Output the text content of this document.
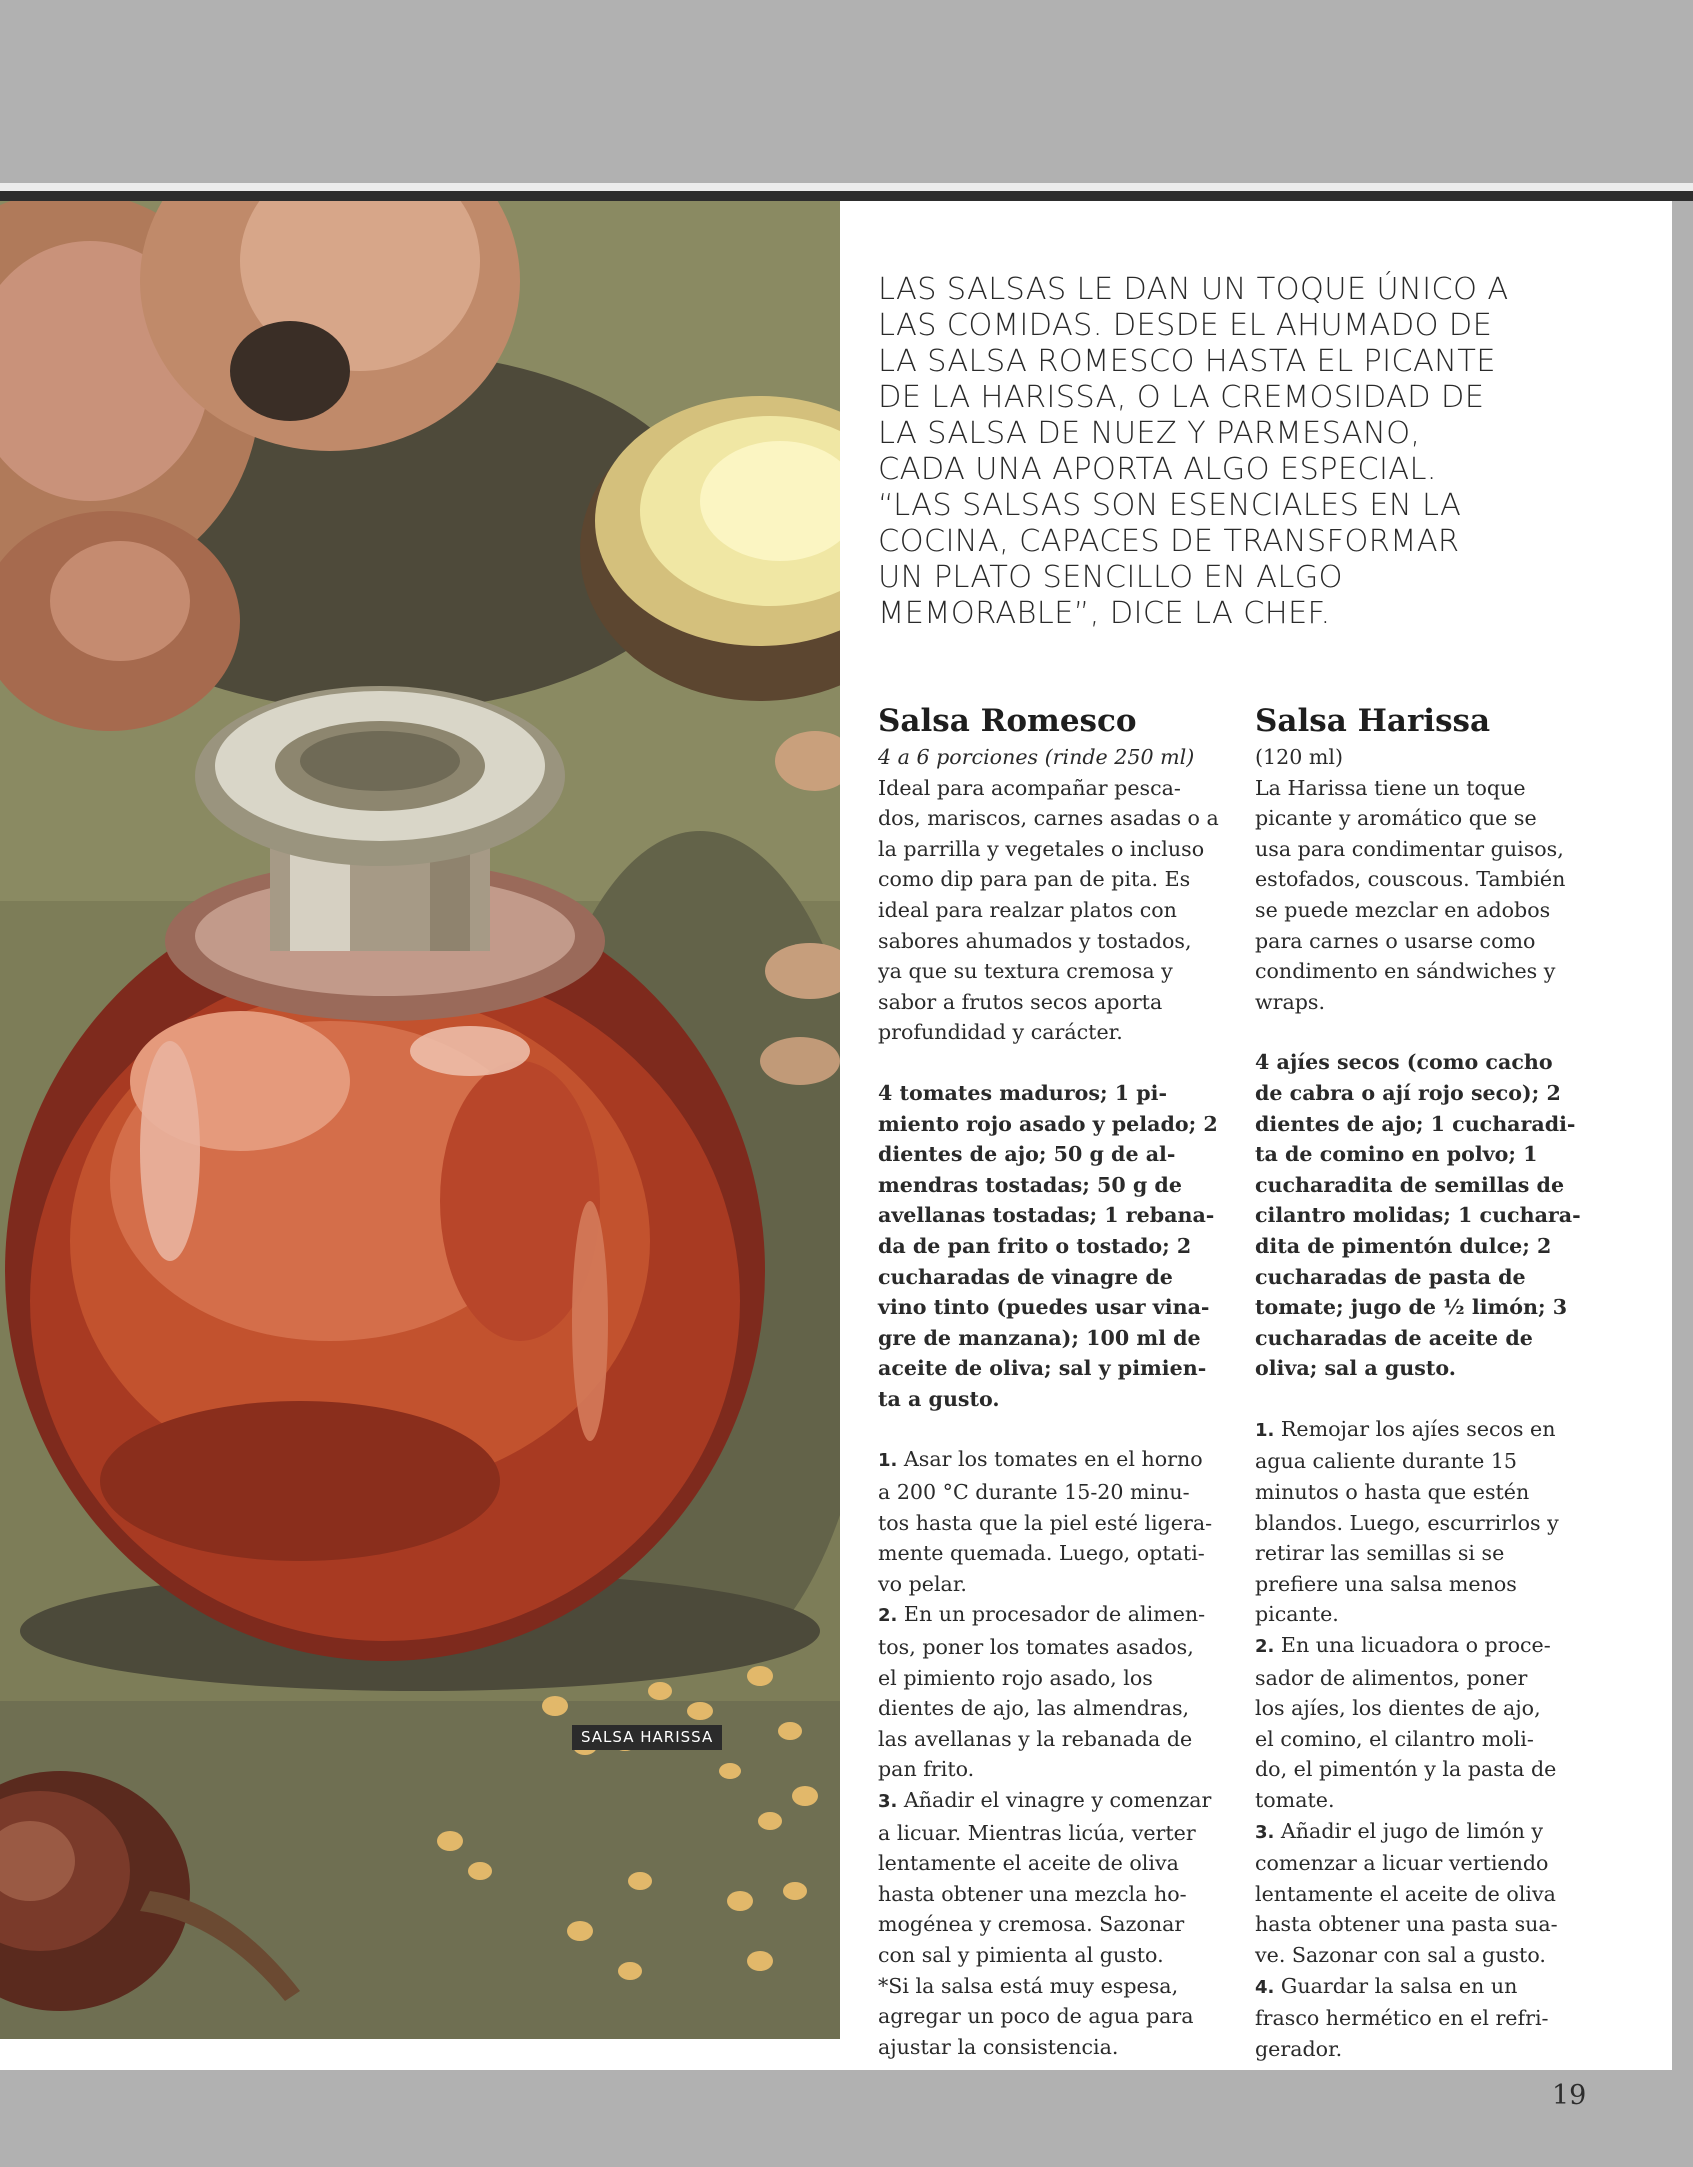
SALSA HARISSA
LAS SALSAS LE DAN UN TOQUE ÚNICO A
LAS COMIDAS. DESDE EL AHUMADO DE
LA SALSA ROMESCO HASTA EL PICANTE
DE LA HARISSA, O LA CREMOSIDAD DE
LA SALSA DE NUEZ Y PARMESANO,
CADA UNA APORTA ALGO ESPECIAL.
“LAS SALSAS SON ESENCIALES EN LA
COCINA, CAPACES DE TRANSFORMAR
UN PLATO SENCILLO EN ALGO
MEMORABLE”, DICE LA CHEF.
Salsa Romesco
4 a 6 porciones (rinde 250 ml)
Ideal para acompañar pesca-
dos, mariscos, carnes asadas o a
la parrilla y vegetales o incluso
como dip para pan de pita. Es
ideal para realzar platos con
sabores ahumados y tostados,
ya que su textura cremosa y
sabor a frutos secos aporta
profundidad y carácter.
4 tomates maduros; 1 pi-
miento rojo asado y pelado; 2
dientes de ajo; 50 g de al-
mendras tostadas; 50 g de
avellanas tostadas; 1 rebana-
da de pan frito o tostado; 2
cucharadas de vinagre de
vino tinto (puedes usar vina-
gre de manzana); 100 ml de
aceite de oliva; sal y pimien-
ta a gusto.
1. Asar los tomates en el horno
a 200 °C durante 15-20 minu-
tos hasta que la piel esté ligera-
mente quemada. Luego, optati-
vo pelar.
2. En un procesador de alimen-
tos, poner los tomates asados,
el pimiento rojo asado, los
dientes de ajo, las almendras,
las avellanas y la rebanada de
pan frito.
3. Añadir el vinagre y comenzar
a licuar. Mientras licúa, verter
lentamente el aceite de oliva
hasta obtener una mezcla ho-
mogénea y cremosa. Sazonar
con sal y pimienta al gusto.
*Si la salsa está muy espesa,
agregar un poco de agua para
ajustar la consistencia.
Salsa Harissa
(120 ml)
La Harissa tiene un toque
picante y aromático que se
usa para condimentar guisos,
estofados, couscous. También
se puede mezclar en adobos
para carnes o usarse como
condimento en sándwiches y
wraps.
4 ajíes secos (como cacho
de cabra o ají rojo seco); 2
dientes de ajo; 1 cucharadi-
ta de comino en polvo; 1
cucharadita de semillas de
cilantro molidas; 1 cuchara-
dita de pimentón dulce; 2
cucharadas de pasta de
tomate; jugo de ½ limón; 3
cucharadas de aceite de
oliva; sal a gusto.
1. Remojar los ajíes secos en
agua caliente durante 15
minutos o hasta que estén
blandos. Luego, escurrirlos y
retirar las semillas si se
prefiere una salsa menos
picante.
2. En una licuadora o proce-
sador de alimentos, poner
los ajíes, los dientes de ajo,
el comino, el cilantro moli-
do, el pimentón y la pasta de
tomate.
3. Añadir el jugo de limón y
comenzar a licuar vertiendo
lentamente el aceite de oliva
hasta obtener una pasta sua-
ve. Sazonar con sal a gusto.
4. Guardar la salsa en un
frasco hermético en el refri-
gerador.
19
